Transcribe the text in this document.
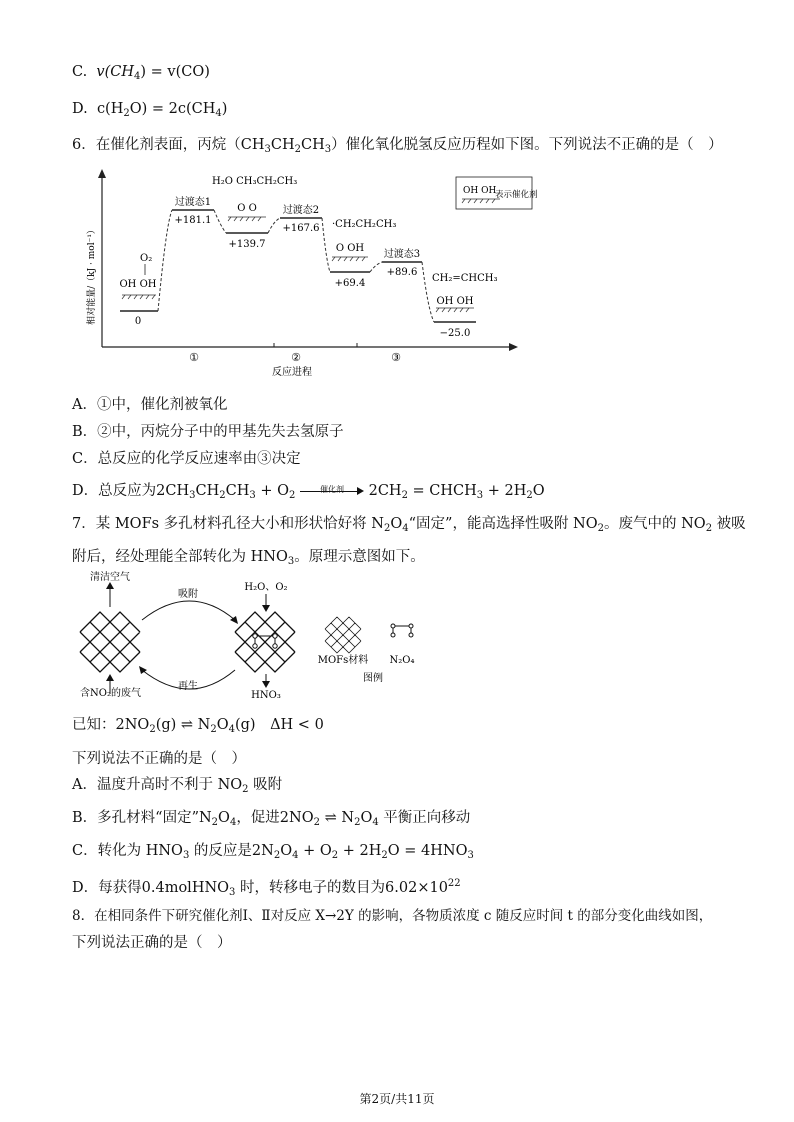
C. $v(CH_4) = v(CO)$
D. $c(H_2O) = 2c(CH_4)$
6．在催化剂表面，丙烷$(CH_3CH_2CH_3)$催化氧化脱氢反应历程如下图。下列说法不正确的是（　）
相对能量/（kJ · mol⁻¹）
反应进程
①	②	③
0
OH OH
O₂
过渡态1
+181.1
+139.7
H₂O CH₃CH₂CH₃
O O	过渡态2
+167.6
+69.4
·CH₂CH₂CH₃
O OH
过渡态3
+89.6
−25.0
CH₂=CHCH₃
OH OH
OH OH
表示催化剂
A．①中，催化剂被氧化
B．②中，丙烷分子中的甲基先失去氢原子
C．总反应的化学反应速率由③决定
D．总反应为$2CH_3CH_2CH_3 + O_2$
催化剂	$2CH_2$ = $CHCH_3 + 2H_2O$
7．某 MOFs 多孔材料孔径大小和形状恰好将 $N_2O_4“$固定”，能高选择性吸附 $NO_2$。废气中的 $NO_2$ 被吸
附后，经处理能全部转化为 $HNO_3$。原理示意图如下。
清洁空气
含NO₂的废气
吸附
再生
H₂O、O₂
HNO₃
MOFs材料 N₂O₄
图例
已知：$2NO_2(g)$ ⇌ $N_2O_4(g)$　ΔH < 0
下列说法不正确的是（　）
A．温度升高时不利于 $NO_2$ 吸附
B．多孔材料“固定$”N_2O_4$，促进$2NO_2$ ⇌ $N_2O_4$ 平衡正向移动
C．转化为 $HNO_3$ 的反应是$2N_2O_4 + O_2 + 2H_2O = 4HNO_3$
D．每获得0.4molHNO$_3$ 时，转移电子的数目为$6.02\times 10^{22}$
8．在相同条件下研究催化剂Ⅰ、Ⅱ对反应 X→2Y 的影响，各物质浓度 c 随反应时间 t 的部分变化曲线如图，
下列说法正确的是（　）
第2页/共11页
